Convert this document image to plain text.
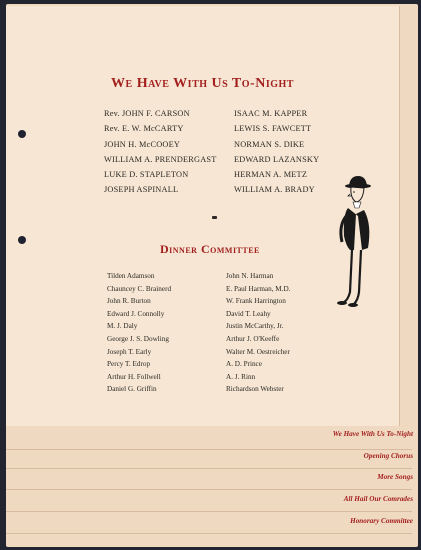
We Have With Us To-Night
Opening Chorus
More Songs
All Hail Our Comrades
Honorary Committee
We Have With Us To-Night
Rev. JOHN F. CARSON
Rev. E. W. McCARTY
JOHN H. McCOOEY
WILLIAM A. PRENDERGAST
LUKE D. STAPLETON
JOSEPH ASPINALL
ISAAC M. KAPPER
LEWIS S. FAWCETT
NORMAN S. DIKE
EDWARD LAZANSKY
HERMAN A. METZ
WILLIAM A. BRADY
Dinner Committee
Tilden Adamson
Chauncey C. Brainerd
John R. Burton
Edward J. Connolly
M. J. Daly
George J. S. Dowling
Joseph T. Early
Percy T. Edrop
Arthur H. Follwell
Daniel G. Griffin
John N. Harman
E. Paul Harman, M.D.
W. Frank Harrington
David T. Leahy
Justin McCarthy, Jr.
Arthur J. O'Keeffe
Walter M. Oestreicher
A. D. Prince
A. J. Rinn
Richardson Webster
